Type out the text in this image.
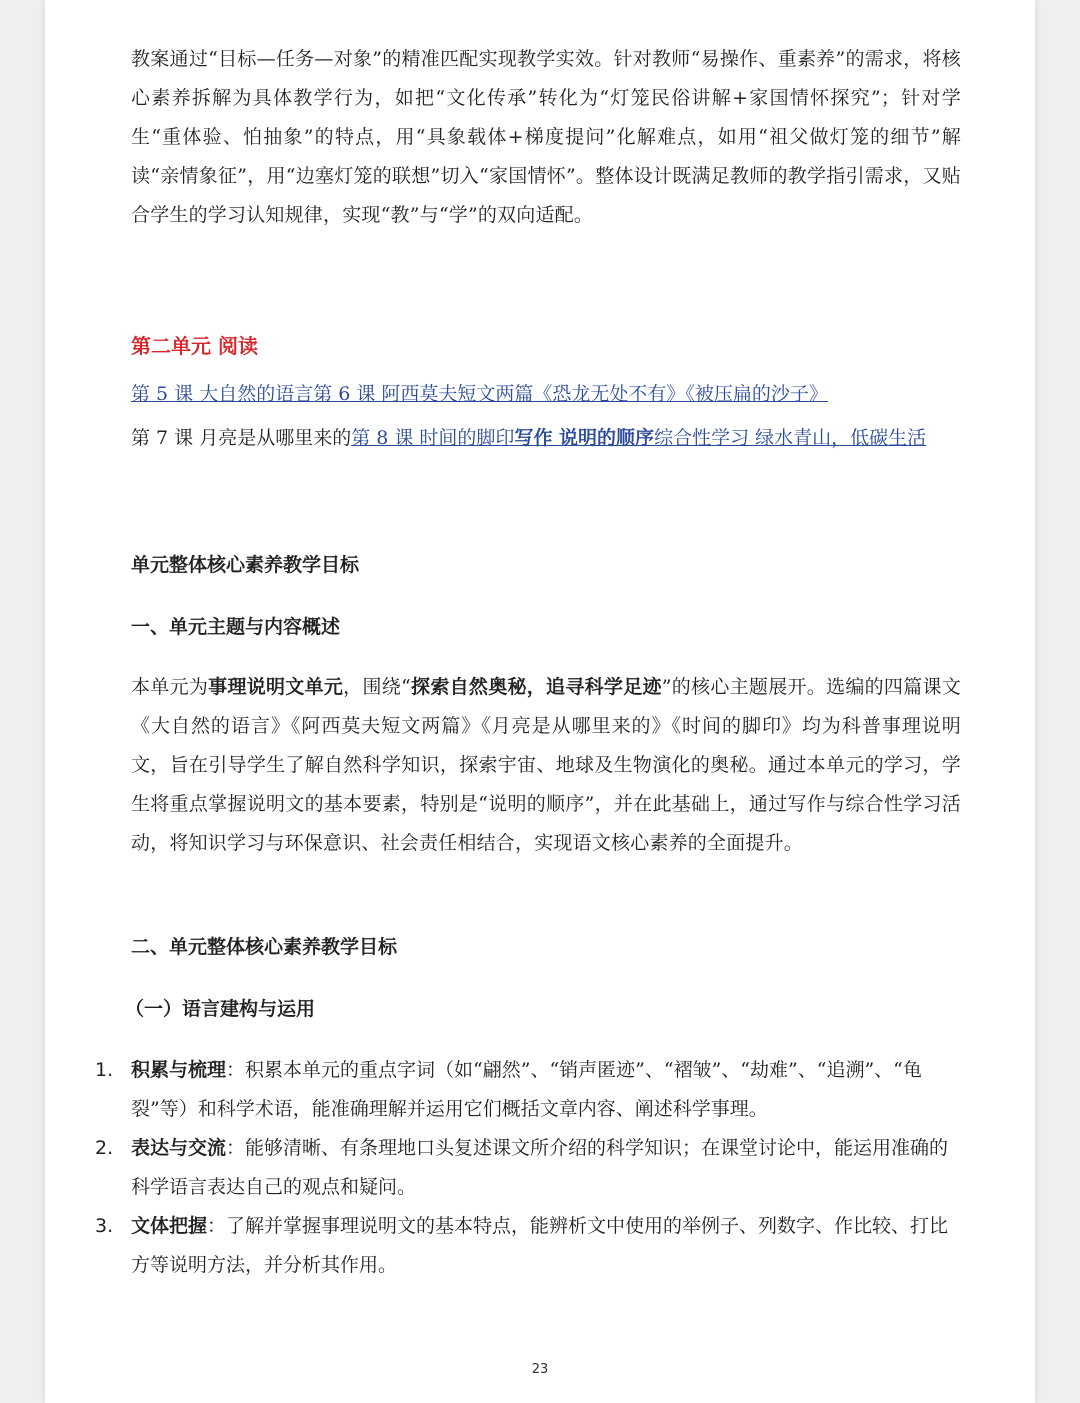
教案通过“目标—任务—对象”的精准匹配实现教学实效。针对教师“易操作、重素养”的需求，将核心素养拆解为具体教学行为，如把“文化传承”转化为“灯笼民俗讲解+家国情怀探究”；针对学生“重体验、怕抽象”的特点，用“具象载体+梯度提问”化解难点，如用“祖父做灯笼的细节”解读“亲情象征”，用“边塞灯笼的联想”切入“家国情怀”。整体设计既满足教师的教学指引需求，又贴合学生的学习认知规律，实现“教”与“学”的双向适配。

第二单元 阅读
第 5 课 大自然的语言第 6 课 阿西莫夫短文两篇《恐龙无处不有》《被压扁的沙子》
第 7 课 月亮是从哪里来的第 8 课 时间的脚印写作 说明的顺序综合性学习 绿水青山，低碳生活
单元整体核心素养教学目标
一、单元主题与内容概述

本单元为事理说明文单元，围绕“探索自然奥秘，追寻科学足迹”的核心主题展开。选编的四篇课文《大自然的语言》《阿西莫夫短文两篇》《月亮是从哪里来的》《时间的脚印》均为科普事理说明文，旨在引导学生了解自然科学知识，探索宇宙、地球及生物演化的奥秘。通过本单元的学习，学生将重点掌握说明文的基本要素，特别是“说明的顺序”，并在此基础上，通过写作与综合性学习活动，将知识学习与环保意识、社会责任相结合，实现语文核心素养的全面提升。

二、单元整体核心素养教学目标
（一）语言建构与运用
1. 积累与梳理：积累本单元的重点字词（如“翩然”、“销声匿迹”、“褶皱”、“劫难”、“追溯”、“龟裂”等）和科学术语，能准确理解并运用它们概括文章内容、阐述科学事理。
2. 表达与交流：能够清晰、有条理地口头复述课文所介绍的科学知识；在课堂讨论中，能运用准确的科学语言表达自己的观点和疑问。
3. 文体把握：了解并掌握事理说明文的基本特点，能辨析文中使用的举例子、列数字、作比较、打比方等说明方法，并分析其作用。
23
